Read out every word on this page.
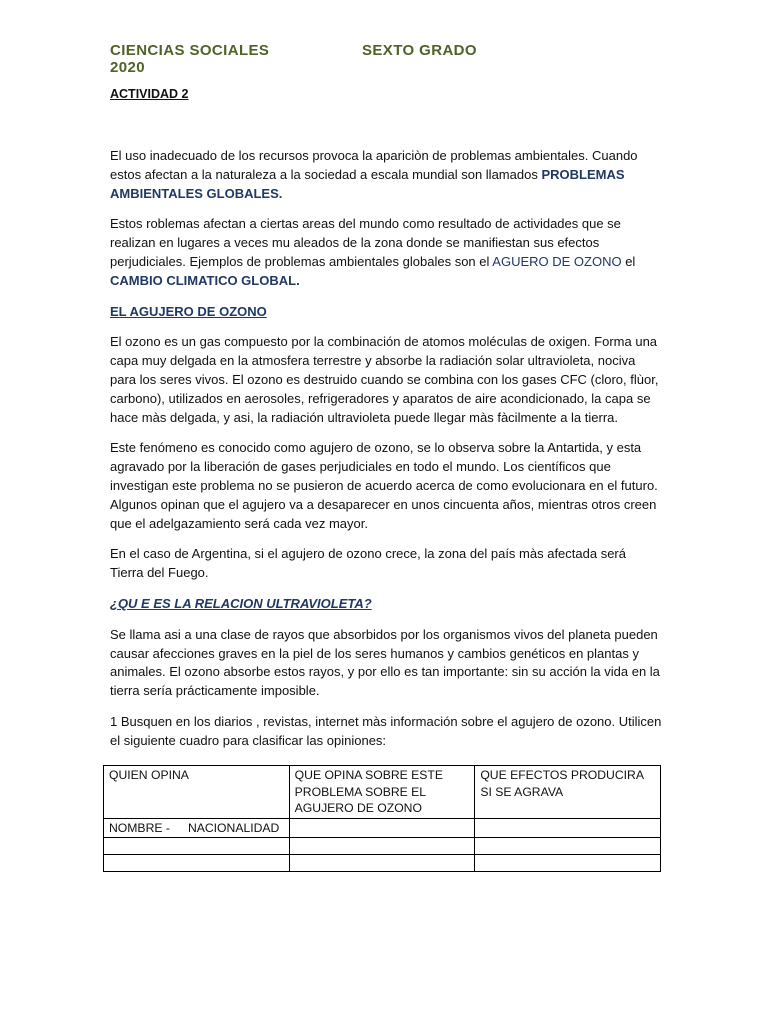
CIENCIAS SOCIALES	SEXTO GRADO
2020
ACTIVIDAD 2

El uso inadecuado de los recursos provoca la apariciòn de problemas ambientales. Cuando estos afectan a la naturaleza a la sociedad a escala mundial son llamados PROBLEMAS AMBIENTALES GLOBALES.

Estos roblemas afectan a ciertas areas del mundo como resultado de actividades que se realizan en lugares a veces mu aleados de la zona donde se manifiestan sus efectos perjudiciales. Ejemplos de problemas ambientales globales son el AGUERO DE OZONO el CAMBIO CLIMATICO GLOBAL.

EL AGUJERO DE OZONO

El ozono es un gas compuesto por la combinación de atomos moléculas de oxigen. Forma una capa muy delgada en la atmosfera terrestre y absorbe la radiación solar ultravioleta, nociva para los seres vivos. El ozono es destruido cuando se combina con los gases CFC (cloro, flùor, carbono), utilizados en aerosoles, refrigeradores y aparatos de aire acondicionado, la capa se hace màs delgada, y asi, la radiación ultravioleta puede llegar màs fàcilmente a la tierra.

Este fenómeno es conocido como agujero de ozono, se lo observa sobre la Antartida, y esta agravado por la liberación de gases perjudiciales en todo el mundo. Los científicos que investigan este problema no se pusieron de acuerdo acerca de como evolucionara en el futuro. Algunos opinan que el agujero va a desaparecer en unos cincuenta años, mientras otros creen que el adelgazamiento será cada vez mayor.

En el caso de Argentina, si el agujero de ozono crece, la zona del país màs afectada será Tierra del Fuego.

¿QU E ES LA RELACION ULTRAVIOLETA?

Se llama asi a una clase de rayos que absorbidos por los organismos vivos del planeta pueden causar afecciones graves en la piel de los seres humanos y cambios genéticos en plantas y animales. El ozono absorbe estos rayos, y por ello es tan importante: sin su acción la vida en la tierra sería prácticamente imposible.

1 Busquen en los diarios , revistas, internet màs información sobre el agujero de ozono. Utilicen el siguiente cuadro para clasificar las opiniones:

QUIEN OPINA	QUE OPINA SOBRE ESTE PROBLEMA SOBRE EL AGUJERO DE OZONO	QUE EFECTOS PRODUCIRA SI SE AGRAVA
NOMBRE - NACIONALIDAD		
